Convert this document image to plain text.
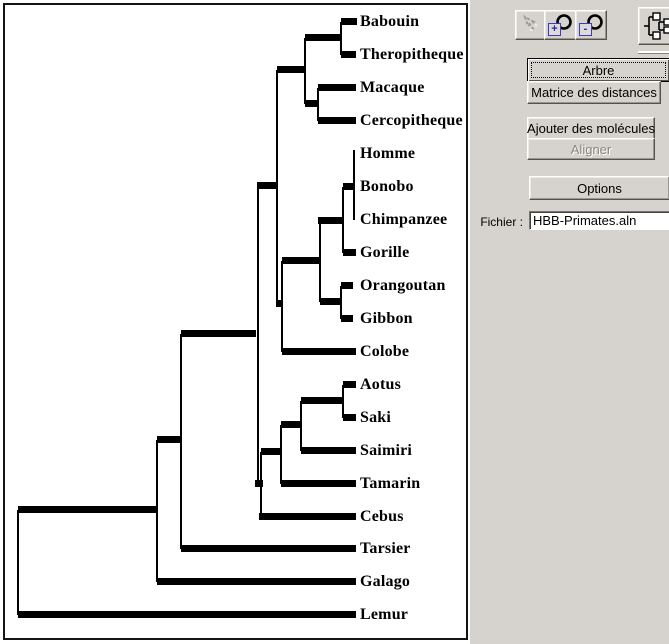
Babouin
Theropitheque
Macaque
Cercopitheque
Homme
Bonobo
Chimpanzee
Gorille
Orangoutan
Gibbon
Colobe
Aotus
Saki
Saimiri
Tamarin
Cebus
Tarsier
Galago
Lemur
+	-
Arbre
Matrice des distances
Ajouter des molécules
Aligner
Options
Fichier :
HBB-Primates.aln
